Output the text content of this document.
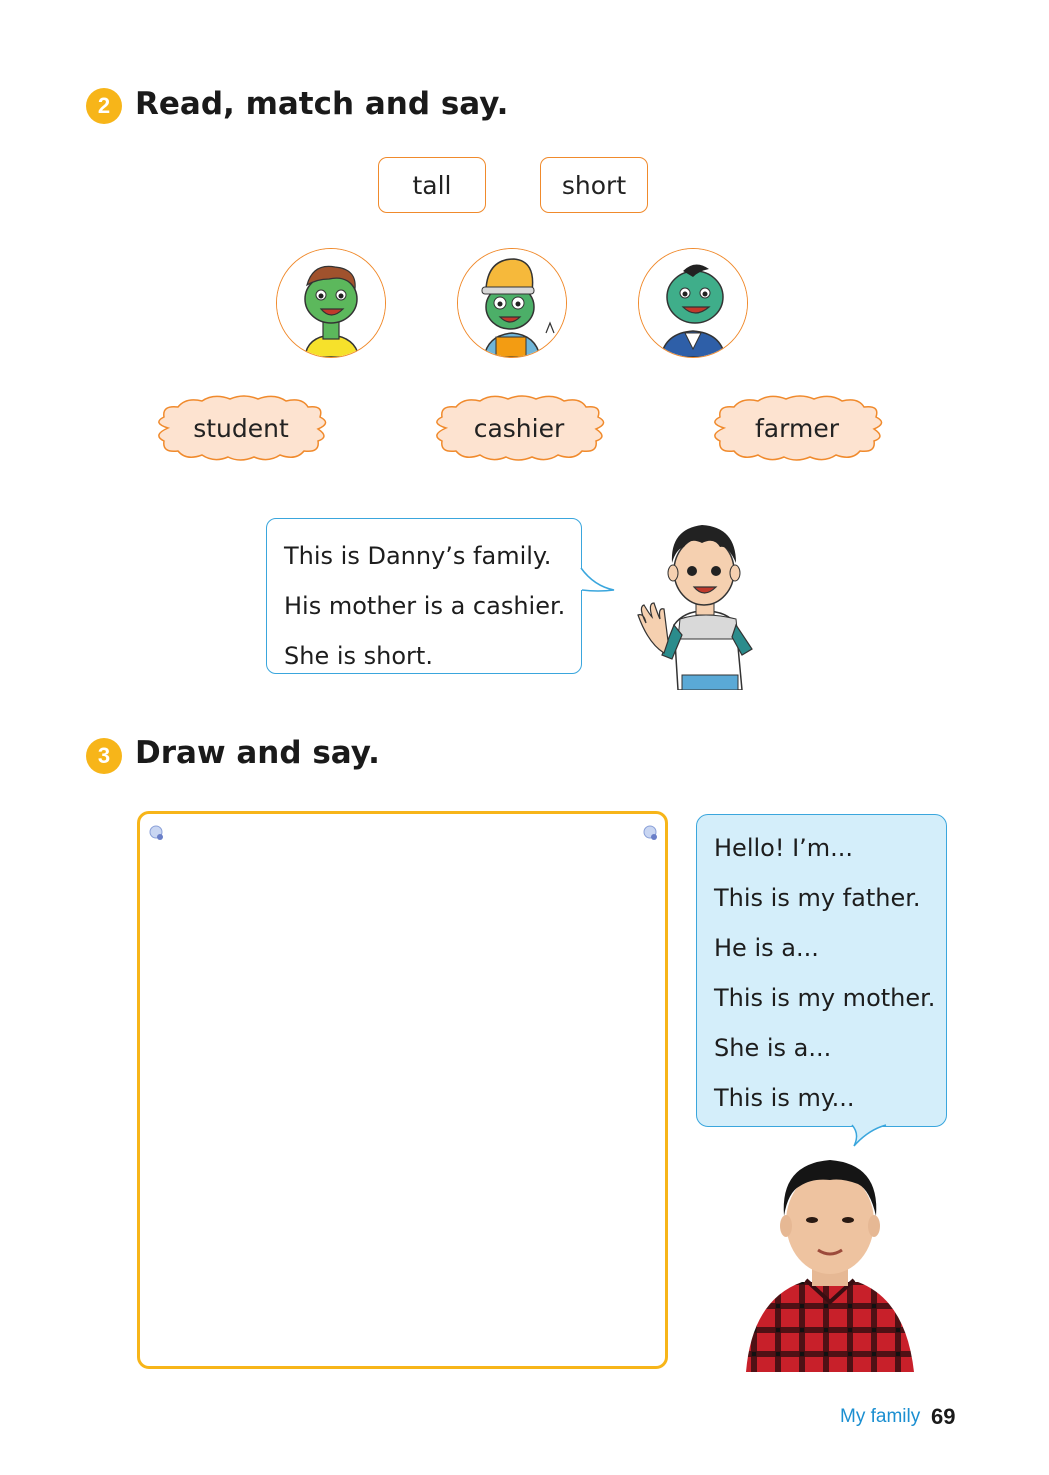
2 Read, match and say.
tall	short
student	cashier	farmer
This is Danny’s family.
His mother is a cashier.
She is short.
3 Draw and say.
Hello! I’m...
This is my father.
He is a...
This is my mother.
She is a...
This is my...
My family 69
